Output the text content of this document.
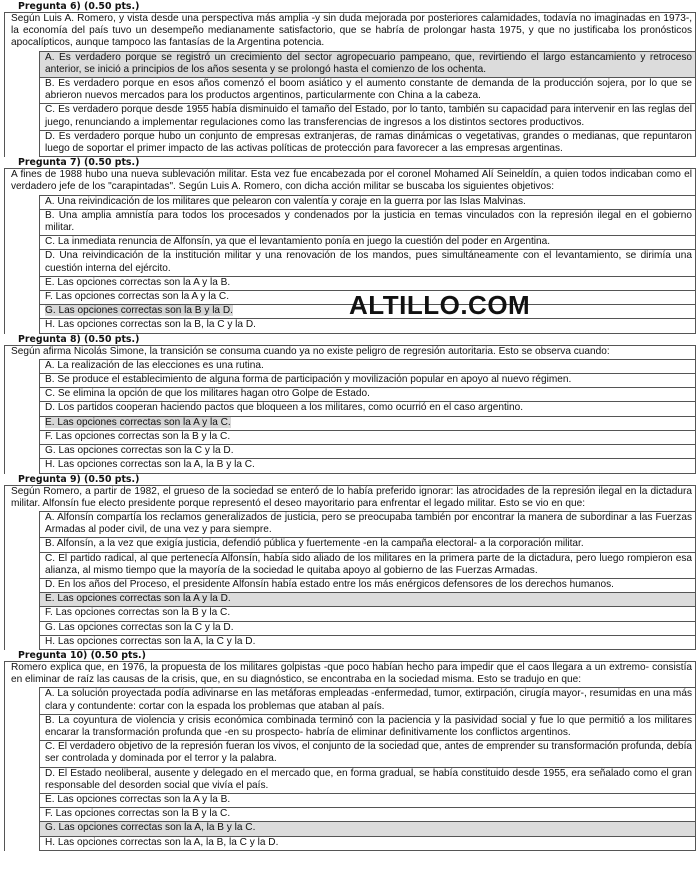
Pregunta 6) (0.50 pts.)
Según Luis A. Romero, y vista desde una perspectiva más amplia -y sin duda mejorada por posteriores calamidades, todavía no imaginadas en 1973-, la economía del país tuvo un desempeño medianamente satisfactorio, que se habría de prolongar hasta 1975, y que no justificaba los pronósticos apocalípticos, aunque tampoco las fantasías de la Argentina potencia.
A. Es verdadero porque se registró un crecimiento del sector agropecuario pampeano, que, revirtiendo el largo estancamiento y retroceso anterior, se inició a principios de los años sesenta y se prolongó hasta el comienzo de los ochenta.
B. Es verdadero porque en esos años comenzó el boom asiático y el aumento constante de demanda de la producción sojera, por lo que se abrieron nuevos mercados para los productos argentinos, particularmente con China a la cabeza.
C. Es verdadero porque desde 1955 había disminuido el tamaño del Estado, por lo tanto, también su capacidad para intervenir en las reglas del juego, renunciando a implementar regulaciones como las transferencias de ingresos a los distintos sectores productivos.
D. Es verdadero porque hubo un conjunto de empresas extranjeras, de ramas dinámicas o vegetativas, grandes o medianas, que repuntaron luego de soportar el primer impacto de las activas políticas de protección para favorecer a las empresas argentinas.
Pregunta 7) (0.50 pts.)
A fines de 1988 hubo una nueva sublevación militar. Esta vez fue encabezada por el coronel Mohamed Alí Seineldín, a quien todos indicaban como el verdadero jefe de los "carapintadas". Según Luis A. Romero, con dicha acción militar se buscaba los siguientes objetivos:
A. Una reivindicación de los militares que pelearon con valentía y coraje en la guerra por las Islas Malvinas.
B. Una amplia amnistía para todos los procesados y condenados por la justicia en temas vinculados con la represión ilegal en el gobierno militar.
C. La inmediata renuncia de Alfonsín, ya que el levantamiento ponía en juego la cuestión del poder en Argentina.
D. Una reivindicación de la institución militar y una renovación de los mandos, pues simultáneamente con el levantamiento, se dirimía una cuestión interna del ejército.
E. Las opciones correctas son la A y la B.
F. Las opciones correctas son la A y la C.
G. Las opciones correctas son la B y la D.
H. Las opciones correctas son la B, la C y la D.
Pregunta 8) (0.50 pts.)
Según afirma Nicolás Simone, la transición se consuma cuando ya no existe peligro de regresión autoritaria. Esto se observa cuando:
A. La realización de las elecciones es una rutina.
B. Se produce el establecimiento de alguna forma de participación y movilización popular en apoyo al nuevo régimen.
C. Se elimina la opción de que los militares hagan otro Golpe de Estado.
D. Los partidos cooperan haciendo pactos que bloqueen a los militares, como ocurrió en el caso argentino.
E. Las opciones correctas son la A y la C.
F. Las opciones correctas son la B y la C.
G. Las opciones correctas son la C y la D.
H. Las opciones correctas son la A, la B y la C.
Pregunta 9) (0.50 pts.)
Según Romero, a partir de 1982, el grueso de la sociedad se enteró de lo había preferido ignorar: las atrocidades de la represión ilegal en la dictadura militar. Alfonsín fue electo presidente porque representó el deseo mayoritario para enfrentar el legado militar. Esto se vio en que:
A. Alfonsín compartía los reclamos generalizados de justicia, pero se preocupaba también por encontrar la manera de subordinar a las Fuerzas Armadas al poder civil, de una vez y para siempre.
B. Alfonsín, a la vez que exigía justicia, defendió pública y fuertemente -en la campaña electoral- a la corporación militar.
C. El partido radical, al que pertenecía Alfonsín, había sido aliado de los militares en la primera parte de la dictadura, pero luego rompieron esa alianza, al mismo tiempo que la mayoría de la sociedad le quitaba apoyo al gobierno de las Fuerzas Armadas.
D. En los años del Proceso, el presidente Alfonsín había estado entre los más enérgicos defensores de los derechos humanos.
E. Las opciones correctas son la A y la D.
F. Las opciones correctas son la B y la C.
G. Las opciones correctas son la C y la D.
H. Las opciones correctas son la A, la C y la D.
Pregunta 10) (0.50 pts.)
Romero explica que, en 1976, la propuesta de los militares golpistas -que poco habían hecho para impedir que el caos llegara a un extremo- consistía en eliminar de raíz las causas de la crisis, que, en su diagnóstico, se encontraba en la sociedad misma. Esto se tradujo en que:
A. La solución proyectada podía adivinarse en las metáforas empleadas -enfermedad, tumor, extirpación, cirugía mayor-, resumidas en una más clara y contundente: cortar con la espada los problemas que ataban al país.
B. La coyuntura de violencia y crisis económica combinada terminó con la paciencia y la pasividad social y fue lo que permitió a los militares encarar la transformación profunda que -en su prospecto- habría de eliminar definitivamente los conflictos argentinos.
C. El verdadero objetivo de la represión fueran los vivos, el conjunto de la sociedad que, antes de emprender su transformación profunda, debía ser controlada y dominada por el terror y la palabra.
D. El Estado neoliberal, ausente y delegado en el mercado que, en forma gradual, se había constituido desde 1955, era señalado como el gran responsable del desorden social que vivía el país.
E. Las opciones correctas son la A y la B.
F. Las opciones correctas son la B y la C.
G. Las opciones correctas son la A, la B y la C.
H. Las opciones correctas son la A, la B, la C y la D.
ALTILLO.COM
